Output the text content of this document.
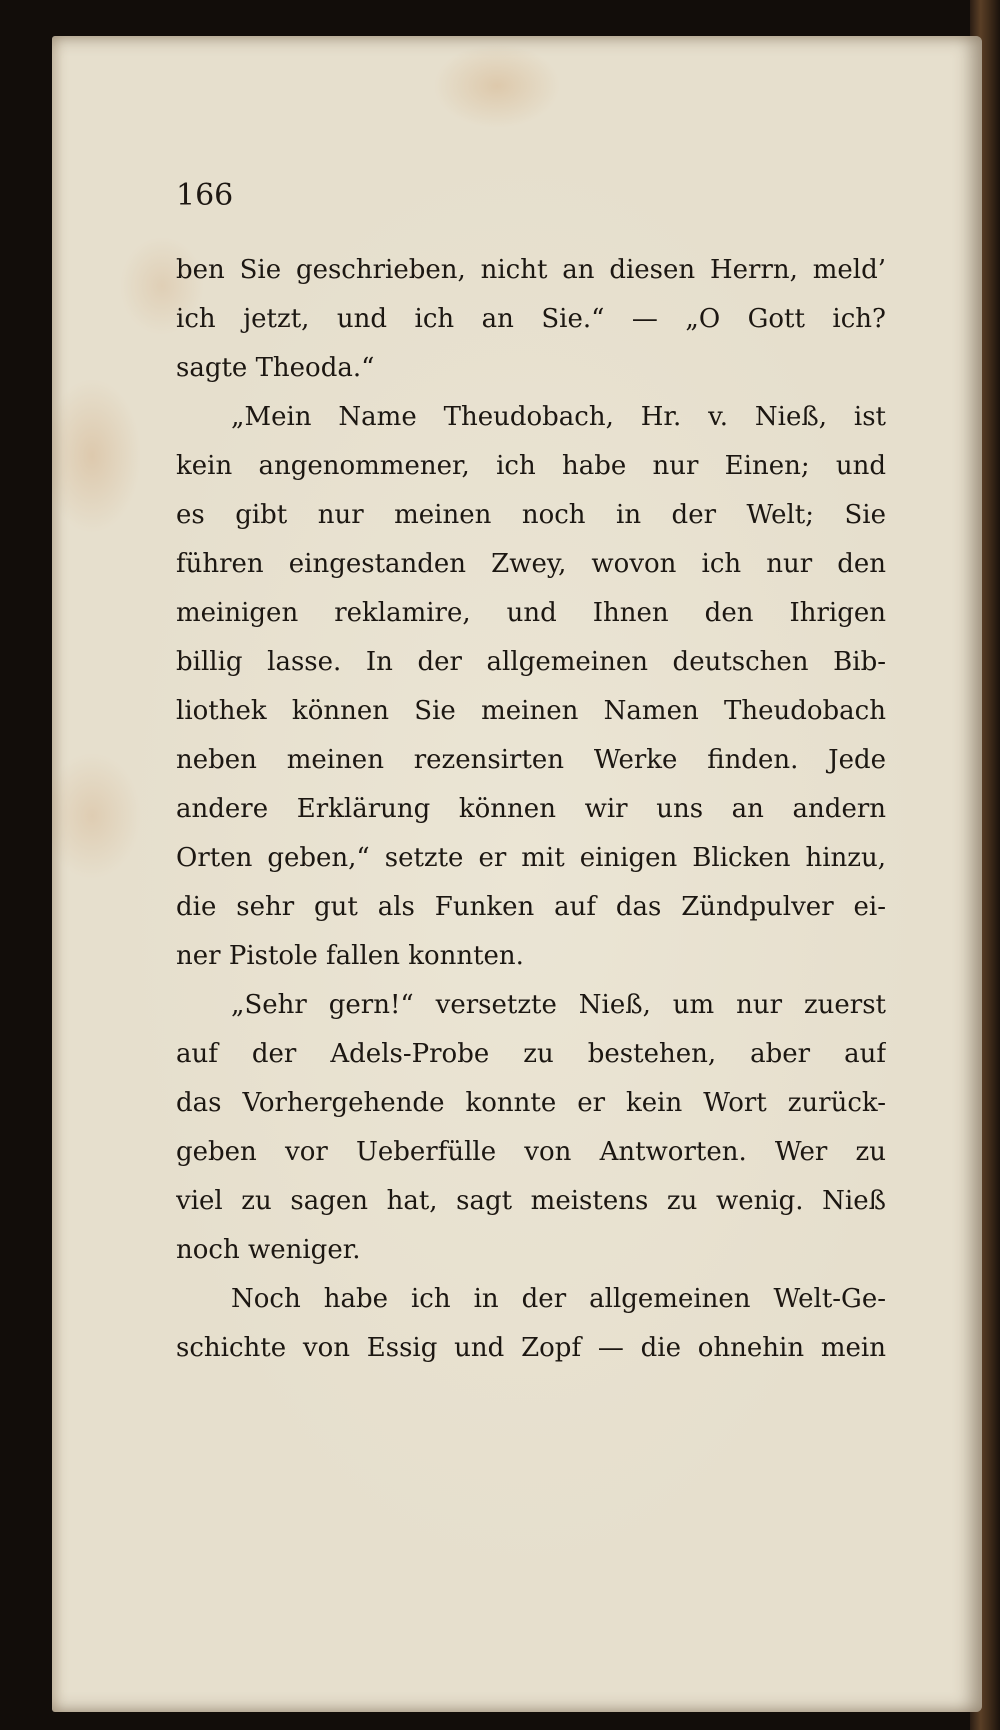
166
ben Sie geschrieben, nicht an diesen Herrn, meld’
ich jetzt, und ich an Sie.“ — „O Gott ich?
sagte Theoda.“
„Mein Name Theudobach, Hr. v. Nieß, ist
kein angenommener, ich habe nur Einen; und
es gibt nur meinen noch in der Welt; Sie
führen eingestanden Zwey, wovon ich nur den
meinigen reklamire, und Ihnen den Ihrigen
billig lasse. In der allgemeinen deutschen Bib-
liothek können Sie meinen Namen Theudobach
neben meinen rezensirten Werke finden. Jede
andere Erklärung können wir uns an andern
Orten geben,“ setzte er mit einigen Blicken hinzu,
die sehr gut als Funken auf das Zündpulver ei-
ner Pistole fallen konnten.
„Sehr gern!“ versetzte Nieß, um nur zuerst
auf der Adels-Probe zu bestehen, aber auf
das Vorhergehende konnte er kein Wort zurück-
geben vor Ueberfülle von Antworten. Wer zu
viel zu sagen hat, sagt meistens zu wenig. Nieß
noch weniger.
Noch habe ich in der allgemeinen Welt-Ge-
schichte von Essig und Zopf — die ohnehin mein
